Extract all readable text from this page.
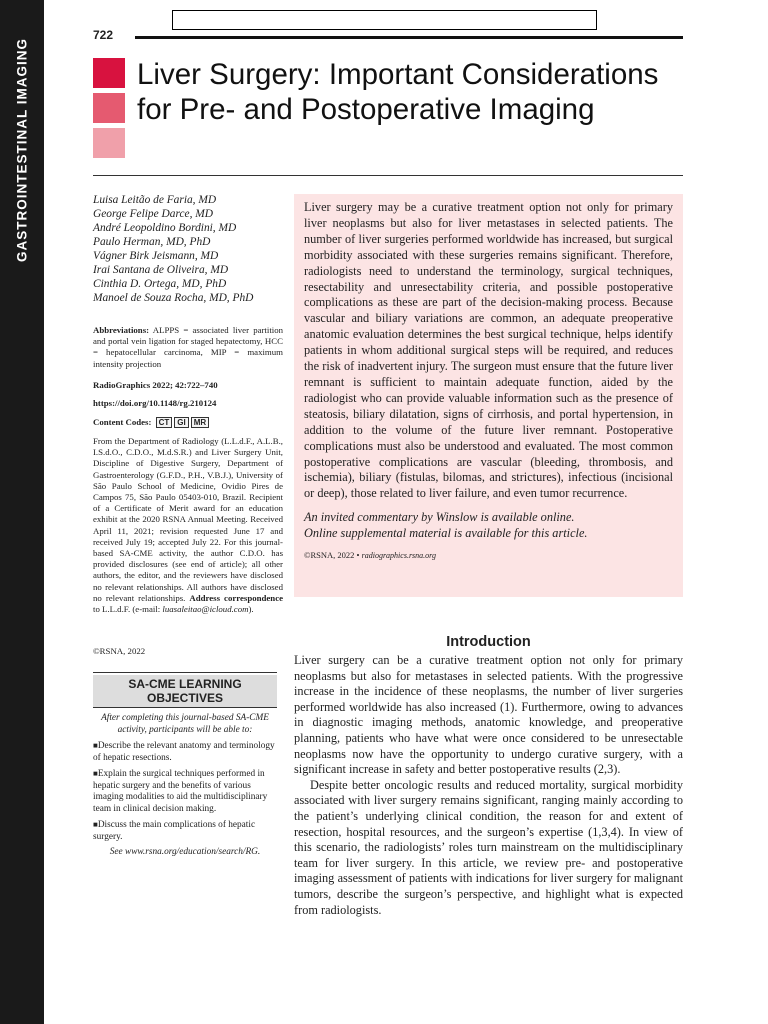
GASTROINTESTINAL IMAGING
722
Liver Surgery: Important Considerations for Pre- and Postoperative Imaging
Luisa Leitão de Faria, MD
George Felipe Darce, MD
André Leopoldino Bordini, MD
Paulo Herman, MD, PhD
Vágner Birk Jeismann, MD
Irai Santana de Oliveira, MD
Cinthia D. Ortega, MD, PhD
Manoel de Souza Rocha, MD, PhD
Abbreviations: ALPPS = associated liver partition and portal vein ligation for staged hepatectomy, HCC = hepatocellular carcinoma, MIP = maximum intensity projection
RadioGraphics 2022; 42:722–740
https://doi.org/10.1148/rg.210124
Content Codes: CT GI MR
From the Department of Radiology (L.L.d.F., A.L.B., I.S.d.O., C.D.O., M.d.S.R.) and Liver Surgery Unit, Discipline of Digestive Surgery, Department of Gastroenterology (G.F.D., P.H., V.B.J.), University of São Paulo School of Medicine, Ovidio Pires de Campos 75, São Paulo 05403-010, Brazil. Recipient of a Certificate of Merit award for an education exhibit at the 2020 RSNA Annual Meeting. Received April 11, 2021; revision requested June 17 and received July 19; accepted July 22. For this journal-based SA-CME activity, the author C.D.O. has provided disclosures (see end of article); all other authors, the editor, and the reviewers have disclosed no relevant relationships. All authors have disclosed no relevant relationships. Address correspondence to L.L.d.F. (e-mail: luasaleitao@icloud.com).
©RSNA, 2022
SA-CME LEARNING OBJECTIVES
After completing this journal-based SA-CME activity, participants will be able to:
■Describe the relevant anatomy and terminology of hepatic resections.
■Explain the surgical techniques performed in hepatic surgery and the benefits of various imaging modalities to aid the multidisciplinary team in clinical decision making.
■Discuss the main complications of hepatic surgery.
See www.rsna.org/education/search/RG.
Liver surgery may be a curative treatment option not only for primary liver neoplasms but also for liver metastases in selected patients. The number of liver surgeries performed worldwide has increased, but surgical morbidity associated with these surgeries remains significant. Therefore, radiologists need to understand the terminology, surgical techniques, resectability and unresectability criteria, and possible postoperative complications as these are part of the decision-making process. Because vascular and biliary variations are common, an adequate preoperative anatomic evaluation determines the best surgical technique, helps identify patients in whom additional surgical steps will be required, and reduces the risk of inadvertent injury. The surgeon must ensure that the future liver remnant is sufficient to maintain adequate function, aided by the radiologist who can provide valuable information such as the presence of steatosis, biliary dilatation, signs of cirrhosis, and portal hypertension, in addition to the volume of the future liver remnant. Postoperative complications must also be understood and evaluated. The most common postoperative complications are vascular (bleeding, thrombosis, and ischemia), biliary (fistulas, bilomas, and strictures), infectious (incisional or deep), those related to liver failure, and even tumor recurrence.
An invited commentary by Winslow is available online.
Online supplemental material is available for this article.
©RSNA, 2022 • radiographics.rsna.org
Introduction

Liver surgery can be a curative treatment option not only for primary neoplasms but also for metastases in selected patients. With the progressive increase in the incidence of these neoplasms, the number of liver surgeries performed worldwide has also increased (1). Furthermore, owing to advances in diagnostic imaging methods, anatomic knowledge, and preoperative planning, patients who have what were once considered to be unresectable neoplasms now have the opportunity to undergo curative surgery, with a significant increase in safety and better postoperative results (2,3).

Despite better oncologic results and reduced mortality, surgical morbidity associated with liver surgery remains significant, ranging mainly according to the patient’s underlying clinical condition, the reason for and extent of resection, hospital resources, and the surgeon’s expertise (1,3,4). In view of this scenario, the radiologists’ roles turn mainstream on the multidisciplinary team for liver surgery. In this article, we review pre- and postoperative imaging assessment of patients with indications for liver surgery for malignant tumors, describe the surgeon’s perspective, and highlight what is expected from radiologists.
